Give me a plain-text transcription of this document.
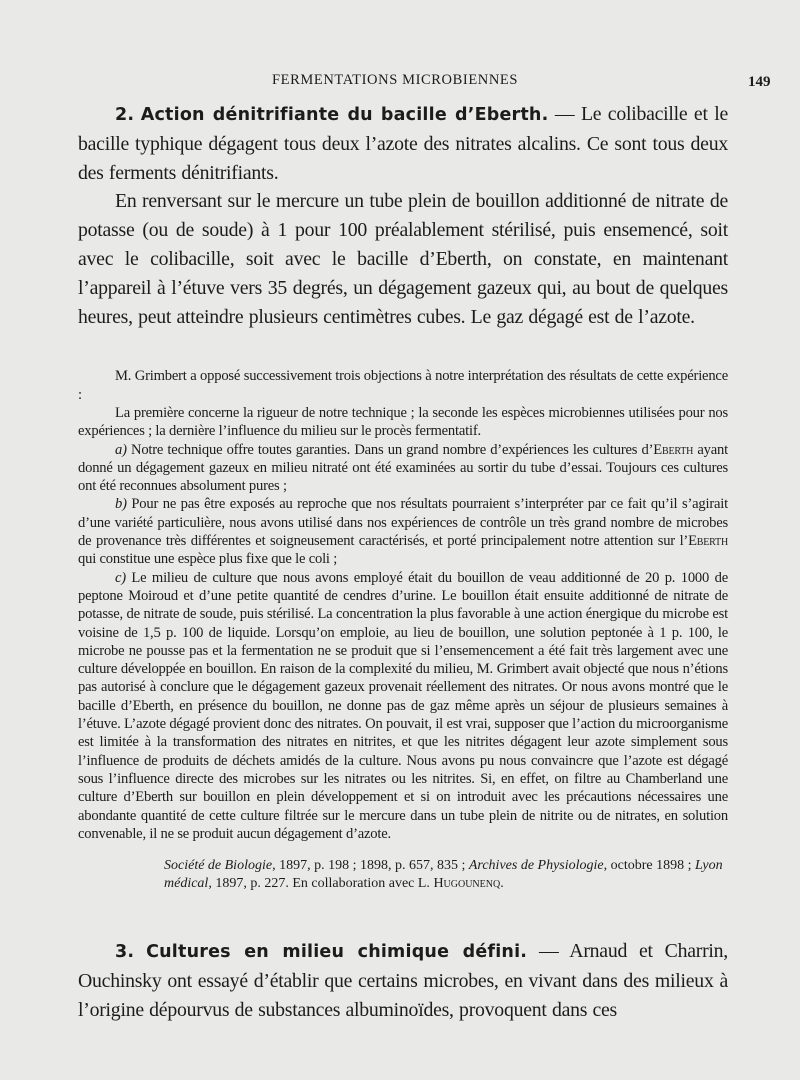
FERMENTATIONS MICROBIENNES	149

2. Action dénitrifiante du bacille d’Eberth. — Le colibacille et le bacille typhique dégagent tous deux l’azote des nitrates alcalins. Ce sont tous deux des ferments dénitrifiants.

En renversant sur le mercure un tube plein de bouillon additionné de nitrate de potasse (ou de soude) à 1 pour 100 préalablement stérilisé, puis ensemencé, soit avec le colibacille, soit avec le bacille d’Eberth, on constate, en maintenant l’appareil à l’étuve vers 35 degrés, un dégagement gazeux qui, au bout de quelques heures, peut atteindre plusieurs centimètres cubes. Le gaz dégagé est de l’azote.

M. Grimbert a opposé successivement trois objections à notre interprétation des résultats de cette expérience :

La première concerne la rigueur de notre technique ; la seconde les espèces microbiennes utilisées pour nos expériences ; la dernière l’influence du milieu sur le procès fermentatif.

a) Notre technique offre toutes garanties. Dans un grand nombre d’expériences les cultures d’Eberth ayant donné un dégagement gazeux en milieu nitraté ont été examinées au sortir du tube d’essai. Toujours ces cultures ont été reconnues absolument pures ;

b) Pour ne pas être exposés au reproche que nos résultats pourraient s’interpréter par ce fait qu’il s’agirait d’une variété particulière, nous avons utilisé dans nos expériences de contrôle un très grand nombre de microbes de provenance très différentes et soigneusement caractérisés, et porté principalement notre attention sur l’Eberth qui constitue une espèce plus fixe que le coli ;

c) Le milieu de culture que nous avons employé était du bouillon de veau additionné de 20 p. 1000 de peptone Moiroud et d’une petite quantité de cendres d’urine. Le bouillon était ensuite additionné de nitrate de potasse, de nitrate de soude, puis stérilisé. La concentration la plus favorable à une action énergique du microbe est voisine de 1,5 p. 100 de liquide. Lorsqu’on emploie, au lieu de bouillon, une solution peptonée à 1 p. 100, le microbe ne pousse pas et la fermentation ne se produit que si l’ensemencement a été fait très largement avec une culture développée en bouillon. En raison de la complexité du milieu, M. Grimbert avait objecté que nous n’étions pas autorisé à conclure que le dégagement gazeux provenait réellement des nitrates. Or nous avons montré que le bacille d’Eberth, en présence du bouillon, ne donne pas de gaz même après un séjour de plusieurs semaines à l’étuve. L’azote dégagé provient donc des nitrates. On pouvait, il est vrai, supposer que l’action du microorganisme est limitée à la transformation des nitrates en nitrites, et que les nitrites dégagent leur azote simplement sous l’influence de produits de déchets amidés de la culture. Nous avons pu nous convaincre que l’azote est dégagé sous l’influence directe des microbes sur les nitrates ou les nitrites. Si, en effet, on filtre au Chamberland une culture d’Eberth sur bouillon en plein développement et si on introduit avec les précautions nécessaires une abondante quantité de cette culture filtrée sur le mercure dans un tube plein de nitrite ou de nitrates, en solution convenable, il ne se produit aucun dégagement d’azote.

Société de Biologie, 1897, p. 198 ; 1898, p. 657, 835 ; Archives de Physiologie, octobre 1898 ; Lyon médical, 1897, p. 227. En collaboration avec L. Hugounenq.

3. Cultures en milieu chimique défini. — Arnaud et Charrin, Ouchinsky ont essayé d’établir que certains microbes, en vivant dans des milieux à l’origine dépourvus de substances albuminoïdes, provoquent dans ces
